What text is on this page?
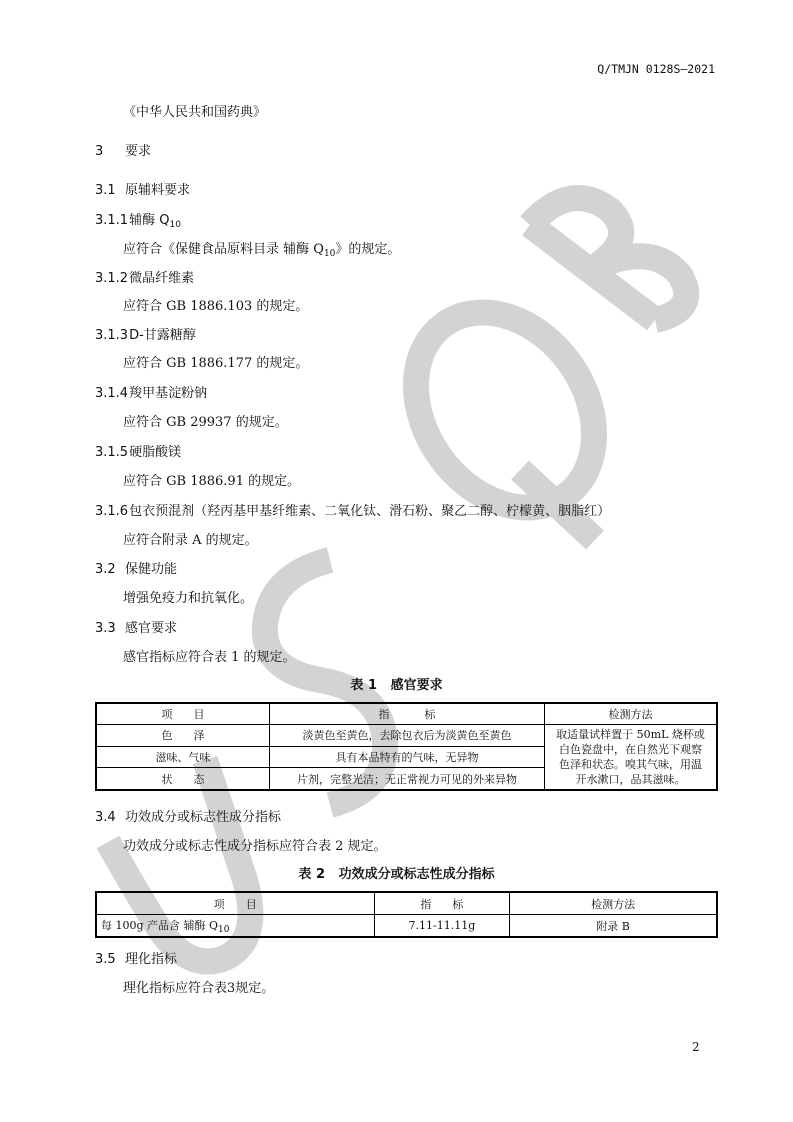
Q/TMJN 0128S—2021
《中华人民共和国药典》
3 要求
3.1 原辅料要求
3.1.1 辅酶 $Q_{10}$
应符合《保健食品原料目录 辅酶 $Q_{10}$》的规定。
3.1.2 微晶纤维素
应符合 GB 1886.103 的规定。
3.1.3 D-甘露糖醇
应符合 GB 1886.177 的规定。
3.1.4 羧甲基淀粉钠
应符合 GB 29937 的规定。
3.1.5 硬脂酸镁
应符合 GB 1886.91 的规定。
3.1.6 包衣预混剂（羟丙基甲基纤维素、二氧化钛、滑石粉、聚乙二醇、柠檬黄、胭脂红）
应符合附录 A 的规定。
3.2 保健功能
增强免疫力和抗氧化。
3.3 感官要求
感官指标应符合表 1 的规定。
表 1   感官要求
项      目	指          标	检测方法
色      泽	淡黄色至黄色，去除包衣后为淡黄色至黄色	取适量试样置于 50mL 烧杯或
白色瓷盘中，在自然光下观察
色泽和状态。嗅其气味，用温
开水漱口，品其滋味。

滋味、气味	具有本品特有的气味，无异物	
状      态	片剂，完整光洁；无正常视力可见的外来异物	
3.4 功效成分或标志性成分指标
功效成分或标志性成分指标应符合表 2 规定。
表 2   功效成分或标志性成分指标
项      目	指      标	检测方法
每 100g 产品含 辅酶 $Q_{10}$	7.11-11.11g	附录 B
3.5 理化指标
理化指标应符合表3规定。
2
